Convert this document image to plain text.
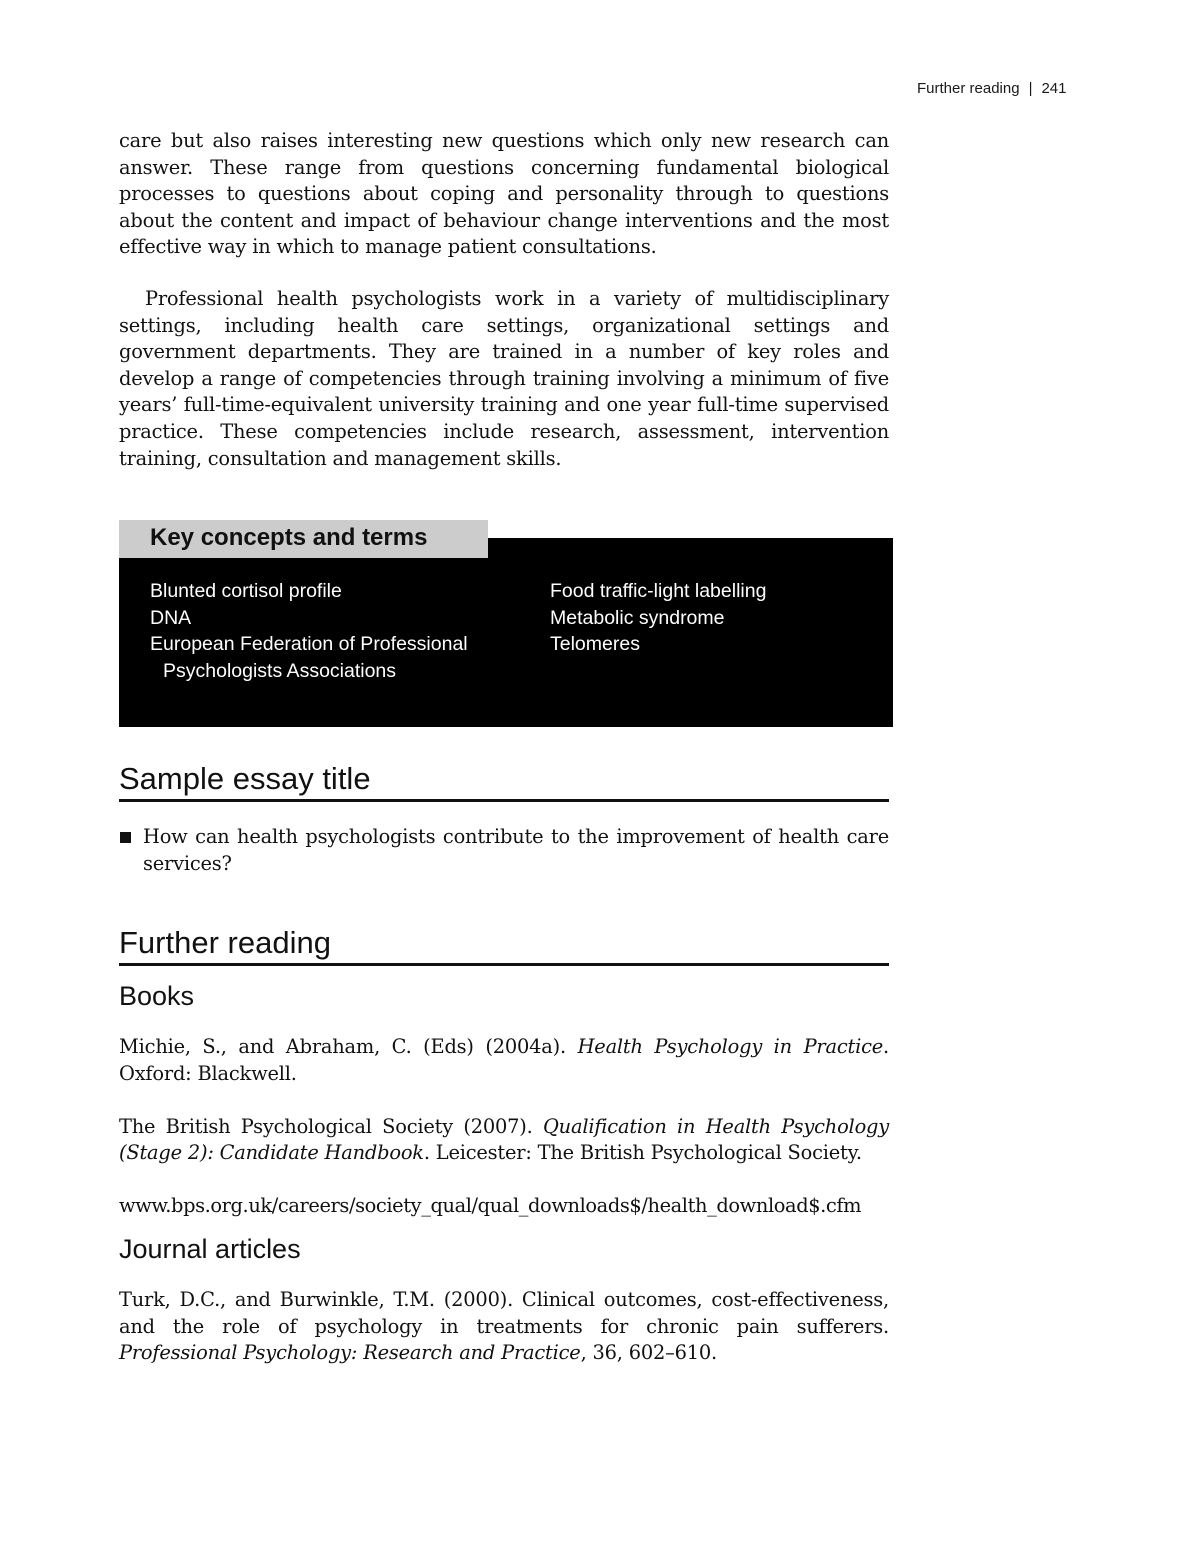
Further reading | 241

care but also raises interesting new questions which only new research can answer. These range from questions concerning fundamental biological processes to questions about coping and personality through to questions about the content and impact of behaviour change interventions and the most effective way in which to manage patient consultations.

Professional health psychologists work in a variety of multidisciplinary settings, including health care settings, organizational settings and government departments. They are trained in a number of key roles and develop a range of competencies through training involving a minimum of five years’ full-time-equivalent university training and one year full-time supervised practice. These competencies include research, assessment, intervention training, consultation and management skills.

Key concepts and terms
Blunted cortisol profile
DNA
European Federation of Professional Psychologists Associations
Food traffic-light labelling
Metabolic syndrome
Telomeres
Sample essay title
How can health psychologists contribute to the improvement of health care services?
Further reading
Books

Michie, S., and Abraham, C. (Eds) (2004a). Health Psychology in Practice. Oxford: Blackwell.

The British Psychological Society (2007). Qualification in Health Psychology (Stage 2): Candidate Handbook. Leicester: The British Psychological Society.

www.bps.org.uk/careers/society_qual/qual_downloads$/health_download$.cfm

Journal articles

Turk, D.C., and Burwinkle, T.M. (2000). Clinical outcomes, cost-effectiveness, and the role of psychology in treatments for chronic pain sufferers. Professional Psychology: Research and Practice, 36, 602–610.
